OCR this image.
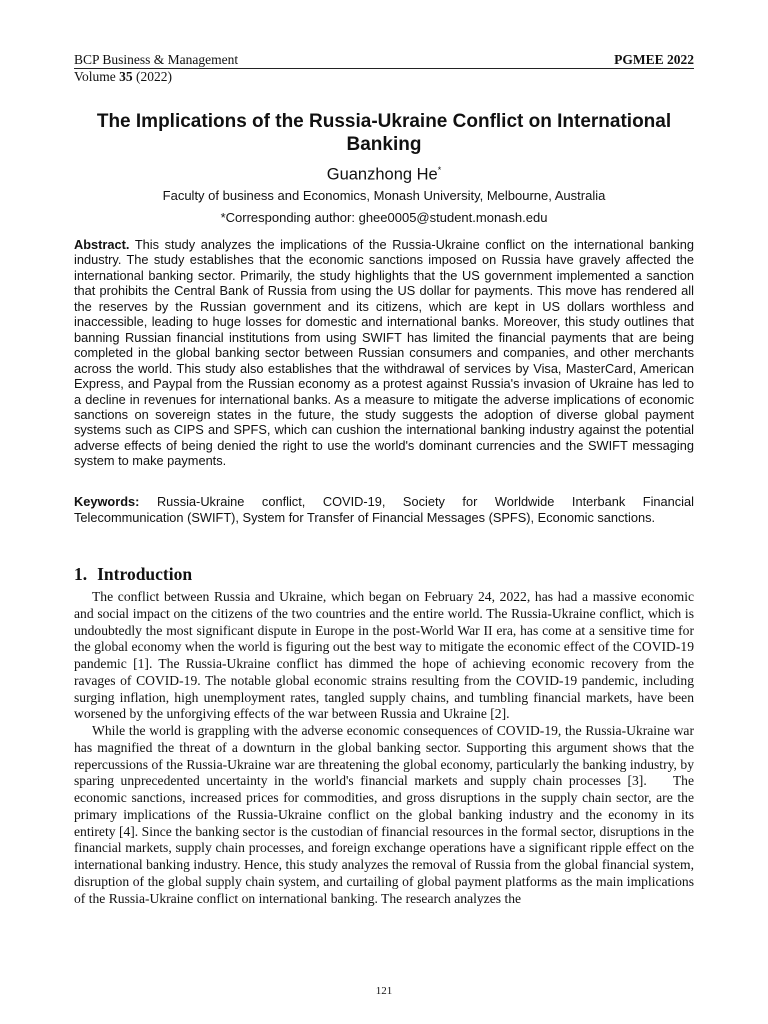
BCP Business & Management	PGMEE 2022
Volume 35 (2022)
The Implications of the Russia-Ukraine Conflict on International Banking
Guanzhong He*
Faculty of business and Economics, Monash University, Melbourne, Australia
*Corresponding author: ghee0005@student.monash.edu
Abstract. This study analyzes the implications of the Russia-Ukraine conflict on the international banking industry. The study establishes that the economic sanctions imposed on Russia have gravely affected the international banking sector. Primarily, the study highlights that the US government implemented a sanction that prohibits the Central Bank of Russia from using the US dollar for payments. This move has rendered all the reserves by the Russian government and its citizens, which are kept in US dollars worthless and inaccessible, leading to huge losses for domestic and international banks. Moreover, this study outlines that banning Russian financial institutions from using SWIFT has limited the financial payments that are being completed in the global banking sector between Russian consumers and companies, and other merchants across the world. This study also establishes that the withdrawal of services by Visa, MasterCard, American Express, and Paypal from the Russian economy as a protest against Russia's invasion of Ukraine has led to a decline in revenues for international banks. As a measure to mitigate the adverse implications of economic sanctions on sovereign states in the future, the study suggests the adoption of diverse global payment systems such as CIPS and SPFS, which can cushion the international banking industry against the potential adverse effects of being denied the right to use the world's dominant currencies and the SWIFT messaging system to make payments.
Keywords: Russia-Ukraine conflict, COVID-19, Society for Worldwide Interbank Financial Telecommunication (SWIFT), System for Transfer of Financial Messages (SPFS), Economic sanctions.
1. Introduction

The conflict between Russia and Ukraine, which began on February 24, 2022, has had a massive economic and social impact on the citizens of the two countries and the entire world. The Russia-Ukraine conflict, which is undoubtedly the most significant dispute in Europe in the post-World War II era, has come at a sensitive time for the global economy when the world is figuring out the best way to mitigate the economic effect of the COVID-19 pandemic [1]. The Russia-Ukraine conflict has dimmed the hope of achieving economic recovery from the ravages of COVID-19. The notable global economic strains resulting from the COVID-19 pandemic, including surging inflation, high unemployment rates, tangled supply chains, and tumbling financial markets, have been worsened by the unforgiving effects of the war between Russia and Ukraine [2].

While the world is grappling with the adverse economic consequences of COVID-19, the Russia-Ukraine war has magnified the threat of a downturn in the global banking sector. Supporting this argument shows that the repercussions of the Russia-Ukraine war are threatening the global economy, particularly the banking industry, by sparing unprecedented uncertainty in the world's financial markets and supply chain processes [3].    The economic sanctions, increased prices for commodities, and gross disruptions in the supply chain sector, are the primary implications of the Russia-Ukraine conflict on the global banking industry and the economy in its entirety [4]. Since the banking sector is the custodian of financial resources in the formal sector, disruptions in the financial markets, supply chain processes, and foreign exchange operations have a significant ripple effect on the international banking industry. Hence, this study analyzes the removal of Russia from the global financial system, disruption of the global supply chain system, and curtailing of global payment platforms as the main implications of the Russia-Ukraine conflict on international banking. The research analyzes the

121
